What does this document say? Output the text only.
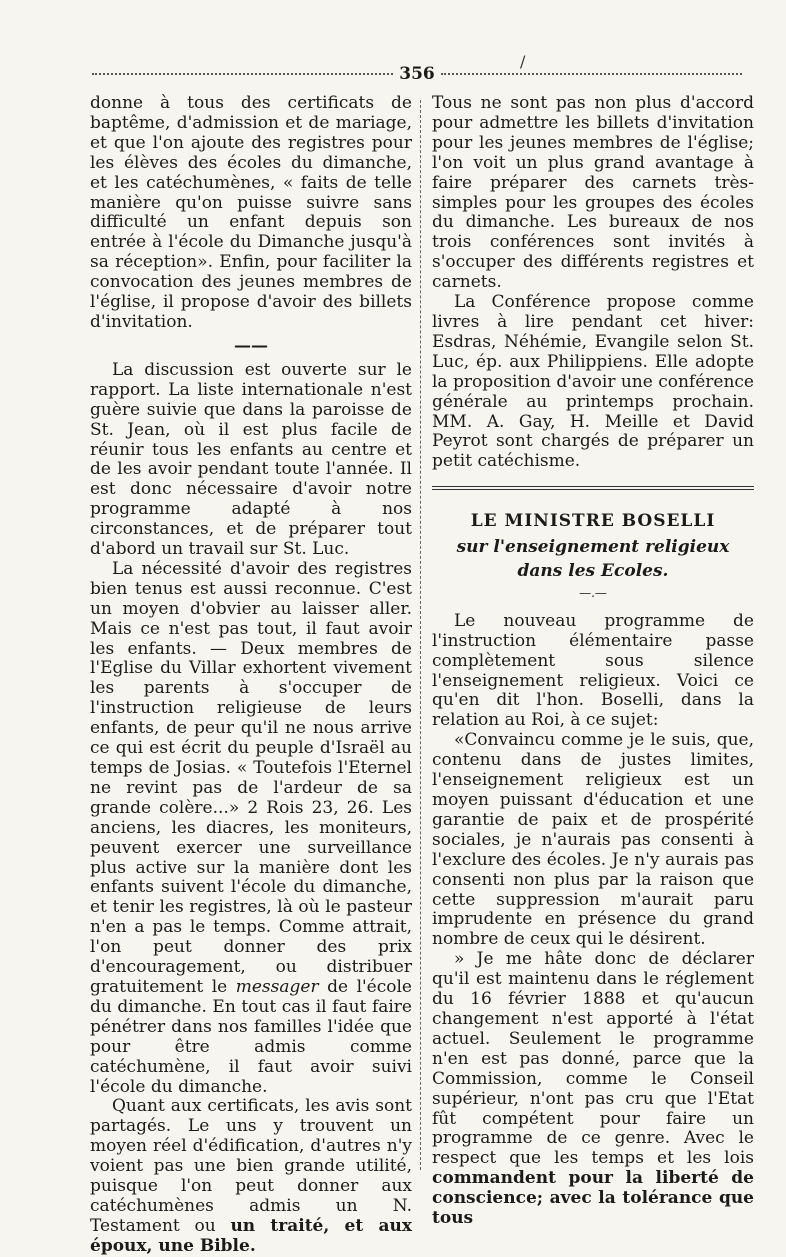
/
356

donne à tous des certificats de baptême, d'admission et de mariage, et que l'on ajoute des registres pour les élèves des écoles du dimanche, et les catéchumènes, « faits de telle manière qu'on puisse suivre sans difficulté un enfant depuis son entrée à l'école du Dimanche jusqu'à sa réception». Enfin, pour faciliter la convocation des jeunes membres de l'église, il propose d'avoir des billets d'invitation.

——

La discussion est ouverte sur le rapport. La liste internationale n'est guère suivie que dans la paroisse de St. Jean, où il est plus facile de réunir tous les enfants au centre et de les avoir pendant toute l'année. Il est donc nécessaire d'avoir notre programme adapté à nos circonstances, et de préparer tout d'abord un travail sur St. Luc.

La nécessité d'avoir des registres bien tenus est aussi reconnue. C'est un moyen d'obvier au laisser aller. Mais ce n'est pas tout, il faut avoir les enfants. — Deux membres de l'Eglise du Villar exhortent vivement les parents à s'occuper de l'instruction religieuse de leurs enfants, de peur qu'il ne nous arrive ce qui est écrit du peuple d'Israël au temps de Josias. « Toutefois l'Eternel ne revint pas de l'ardeur de sa grande colère...» 2 Rois 23, 26. Les anciens, les diacres, les moniteurs, peuvent exercer une surveillance plus active sur la manière dont les enfants suivent l'école du dimanche, et tenir les registres, là où le pasteur n'en a pas le temps. Comme attrait, l'on peut donner des prix d'encouragement, ou distribuer gratuitement le messager de l'école du dimanche. En tout cas il faut faire pénétrer dans nos familles l'idée que pour être admis comme catéchumène, il faut avoir suivi l'école du dimanche.

Quant aux certificats, les avis sont partagés. Le uns y trouvent un moyen réel d'édification, d'autres n'y voient pas une bien grande utilité, puisque l'on peut donner aux catéchumènes admis un N. Testament ou un traité, et aux époux, une Bible.

Tous ne sont pas non plus d'accord pour admettre les billets d'invitation pour les jeunes membres de l'église; l'on voit un plus grand avantage à faire préparer des carnets très-simples pour les groupes des écoles du dimanche. Les bureaux de nos trois conférences sont invités à s'occuper des différents registres et carnets.

La Conférence propose comme livres à lire pendant cet hiver: Esdras, Néhémie, Evangile selon St. Luc, ép. aux Philippiens. Elle adopte la proposition d'avoir une conférence générale au printemps prochain. MM. A. Gay, H. Meille et David Peyrot sont chargés de préparer un petit catéchisme.

LE MINISTRE BOSELLI
sur l'enseignement religieux
dans les Ecoles.
—.—

Le nouveau programme de l'instruction élémentaire passe complètement sous silence l'enseignement religieux. Voici ce qu'en dit l'hon. Boselli, dans la relation au Roi, à ce sujet:

«Convaincu comme je le suis, que, contenu dans de justes limites, l'enseignement religieux est un moyen puissant d'éducation et une garantie de paix et de prospérité sociales, je n'aurais pas consenti à l'exclure des écoles. Je n'y aurais pas consenti non plus par la raison que cette suppression m'aurait paru imprudente en présence du grand nombre de ceux qui le désirent.

» Je me hâte donc de déclarer qu'il est maintenu dans le réglement du 16 février 1888 et qu'aucun changement n'est apporté à l'état actuel. Seulement le programme n'en est pas donné, parce que la Commission, comme le Conseil supérieur, n'ont pas cru que l'Etat fût compétent pour faire un programme de ce genre. Avec le respect que les temps et les lois commandent pour la liberté de conscience; avec la tolérance que tous
